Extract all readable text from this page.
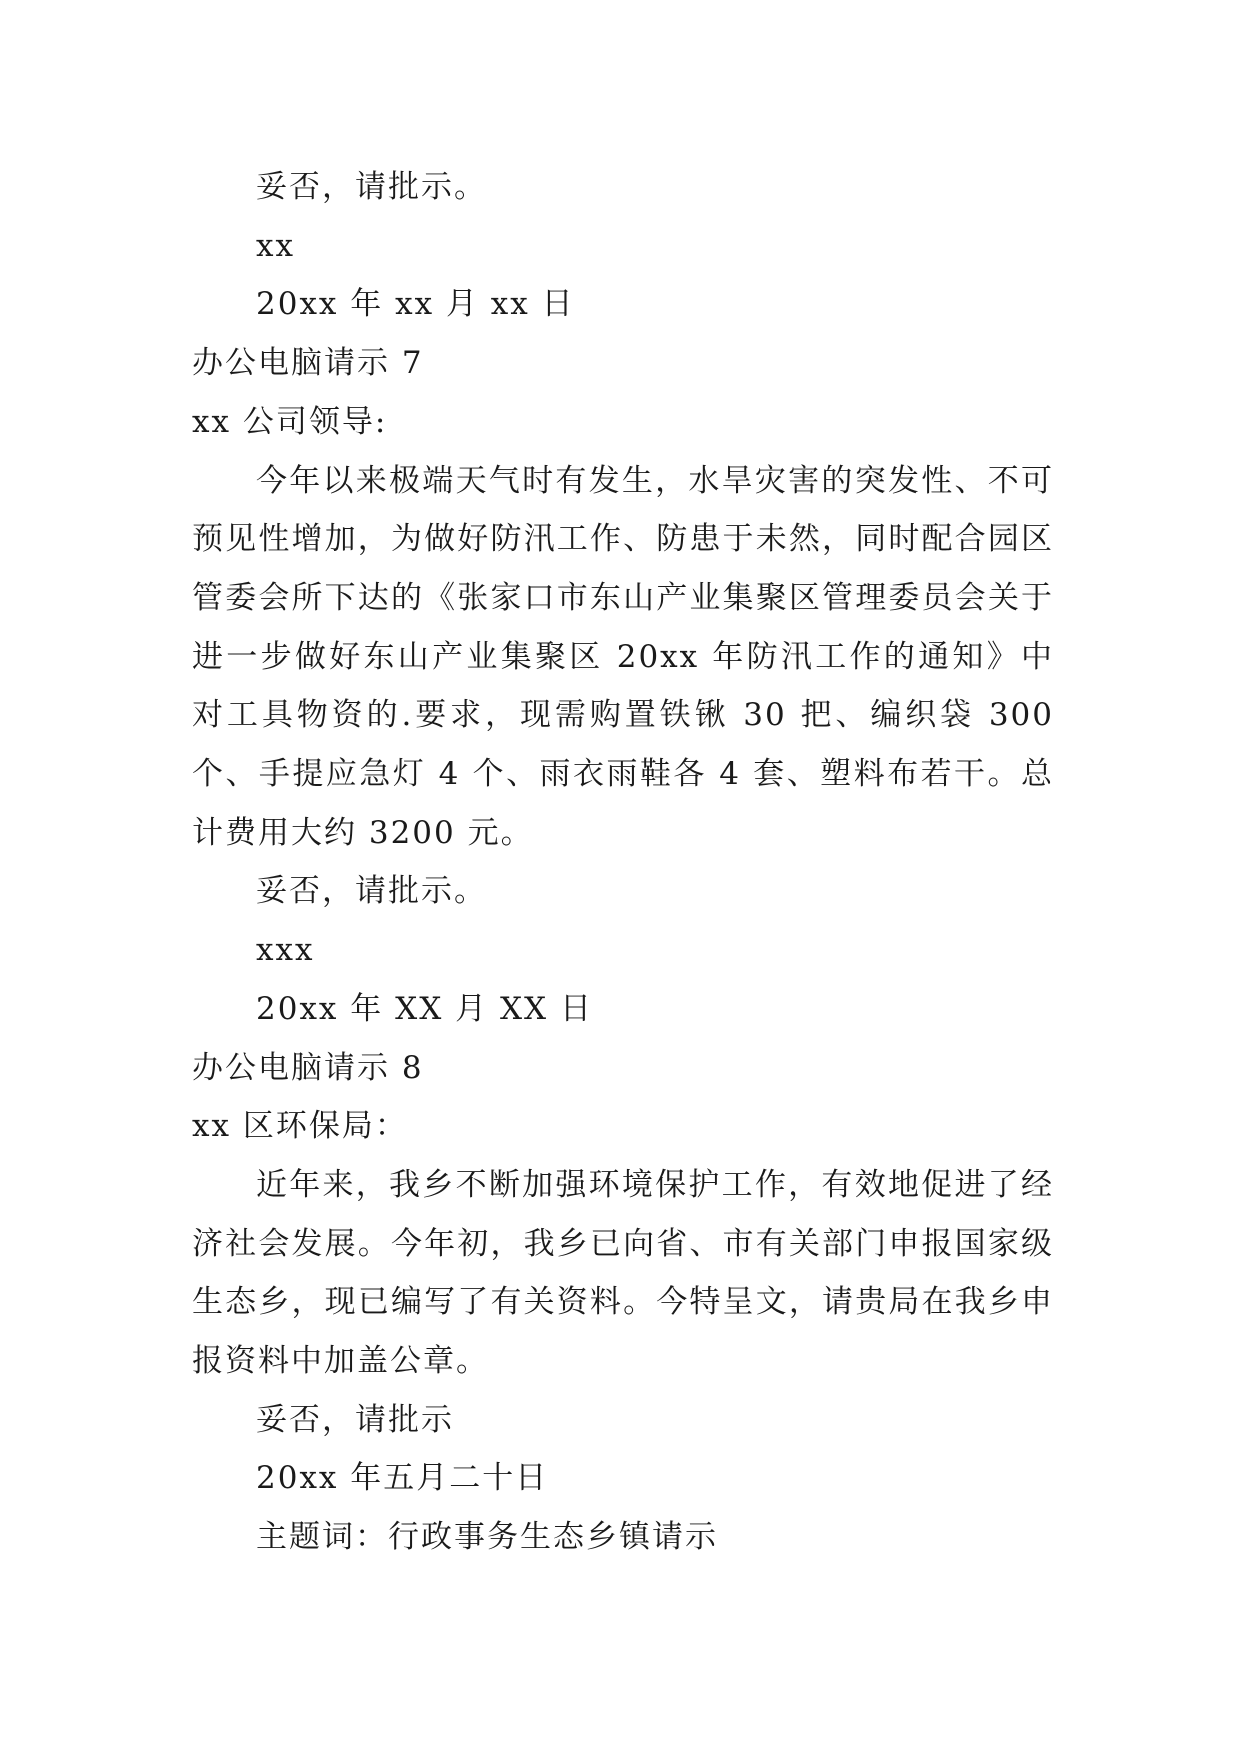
妥否，请批示。

xx

20xx 年 xx 月 xx 日

办公电脑请示 7

xx 公司领导:

今年以来极端天气时有发生，水旱灾害的突发性、不可预见性增加，为做好防汛工作、防患于未然，同时配合园区管委会所下达的《张家口市东山产业集聚区管理委员会关于进一步做好东山产业集聚区 20xx 年防汛工作的通知》中对工具物资的.要求，现需购置铁锹 30 把、编织袋 300 个、手提应急灯 4 个、雨衣雨鞋各 4 套、塑料布若干。总计费用大约 3200 元。

妥否，请批示。

xxx

20xx 年 XX 月 XX 日

办公电脑请示 8

xx 区环保局：

近年来，我乡不断加强环境保护工作，有效地促进了经济社会发展。今年初，我乡已向省、市有关部门申报国家级生态乡，现已编写了有关资料。今特呈文，请贵局在我乡申报资料中加盖公章。

妥否，请批示

20xx 年五月二十日

主题词：行政事务生态乡镇请示
